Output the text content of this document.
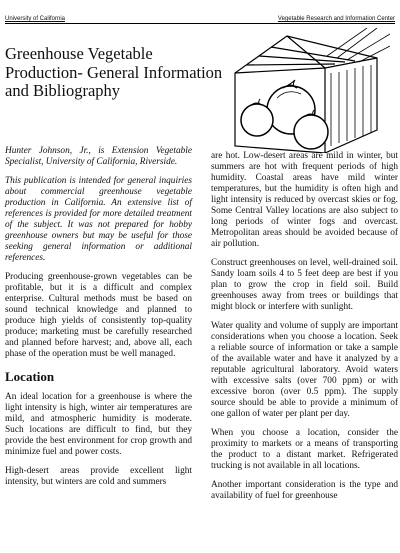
University of California	Vegetable Research and Information Center
Greenhouse Vegetable Production- General Information and Bibliography

Hunter Johnson, Jr., is Extension Vegetable Specialist, University of California, Riverside.

This publication is intended for general inquiries about commercial greenhouse vegetable production in California. An extensive list of references is provided for more detailed treatment of the subject. It was not prepared for hobby greenhouse owners but may be useful for those seeking general information or additional references.

Producing greenhouse-grown vegetables can be profitable, but it is a difficult and complex enterprise. Cultural methods must be based on sound technical knowledge and planned to produce high yields of consistently top-quality produce; marketing must be carefully researched and planned before harvest; and, above all, each phase of the operation must be well managed.

Location

An ideal location for a greenhouse is where the light intensity is high, winter air temperatures are mild, and atmospheric humidity is moderate. Such locations are difficult to find, but they provide the best environment for crop growth and minimize fuel and power costs.

High-desert areas provide excellent light intensity, but winters are cold and summers

are hot. Low-desert areas are mild in winter, but summers are hot with frequent periods of high humidity. Coastal areas have mild winter temperatures, but the humidity is often high and light intensity is reduced by overcast skies or fog. Some Central Valley locations are also subject to long periods of winter fogs and overcast. Metropolitan areas should be avoided because of air pollution.

Construct greenhouses on level, well-drained soil. Sandy loam soils 4 to 5 feet deep are best if you plan to grow the crop in field soil. Build greenhouses away from trees or buildings that might block or interfere with sunlight.

Water quality and volume of supply are important considerations when you choose a location. Seek a reliable source of information or take a sample of the available water and have it analyzed by a reputable agricultural laboratory. Avoid waters with excessive salts (over 700 ppm) or with excessive boron (over 0.5 ppm). The supply source should be able to provide a minimum of one gallon of water per plant per day.

When you choose a location, consider the proximity to markets or a means of transporting the product to a distant market. Refrigerated trucking is not available in all locations.

Another important consideration is the type and availability of fuel for greenhouse
